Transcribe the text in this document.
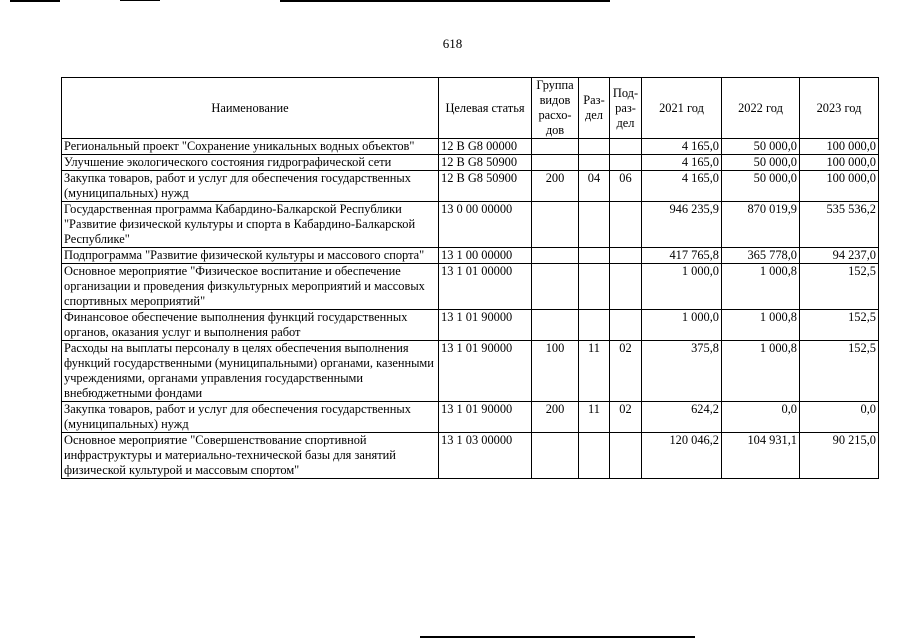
618
Наименование	Целевая статья	Группа видов расхо- дов	Раз- дел	Под- раз- дел	2021 год	2022 год	2023 год
Региональный проект "Сохранение уникальных водных объектов"	12 В G8 00000				4 165,0	50 000,0	100 000,0
Улучшение экологического состояния гидрографической сети	12 В G8 50900				4 165,0	50 000,0	100 000,0
Закупка товаров, работ и услуг для обеспечения государственных (муниципальных) нужд	12 В G8 50900	200	04	06	4 165,0	50 000,0	100 000,0
Государственная программа Кабардино-Балкарской Республики "Развитие физической культуры и спорта в Кабардино-Балкарской Республике"	13 0 00 00000				946 235,9	870 019,9	535 536,2
Подпрограмма "Развитие физической культуры и массового спорта"	13 1 00 00000				417 765,8	365 778,0	94 237,0
Основное мероприятие "Физическое воспитание и обеспечение организации и проведения физкультурных мероприятий и массовых спортивных мероприятий"	13 1 01 00000				1 000,0	1 000,8	152,5
Финансовое обеспечение выполнения функций государственных органов, оказания услуг и выполнения работ	13 1 01 90000				1 000,0	1 000,8	152,5
Расходы на выплаты персоналу в целях обеспечения выполнения функций государственными (муниципальными) органами, казенными учреждениями, органами управления государственными внебюджетными фондами	13 1 01 90000	100	11	02	375,8	1 000,8	152,5
Закупка товаров, работ и услуг для обеспечения государственных (муниципальных) нужд	13 1 01 90000	200	11	02	624,2	0,0	0,0
Основное мероприятие "Совершенствование спортивной инфраструктуры и материально-технической базы для занятий физической культурой и массовым спортом"	13 1 03 00000				120 046,2	104 931,1	90 215,0
